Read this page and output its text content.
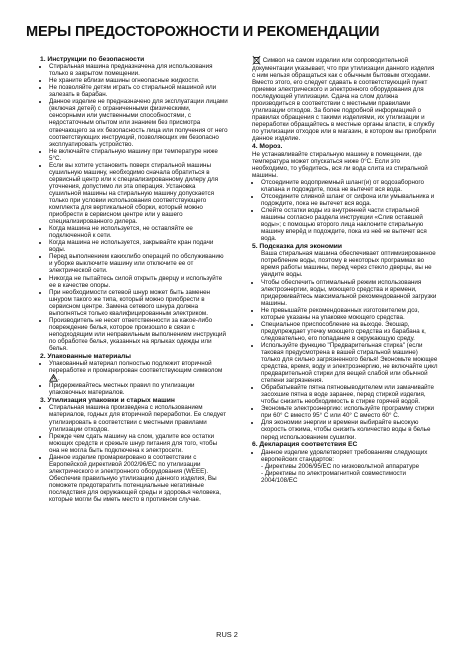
МЕРЫ ПРЕДОСТОРОЖНОСТИ И РЕКОМЕНДАЦИИ
1. Инструкции по безопасности
• Стиральная машина предназначена для использования только в закрытом помещении.
• Не храните вблизи машины огнеопасные жидкости.
• Не позволяйте детям играть со стиральной машиной или залезать в барабан.
• Данное изделие не предназначено для эксплуатации лицами (включая детей) с ограниченными физическими, сенсорными или умственными способностями, с недостаточным опытом или знанием без присмотра отвечающего за их безопасность лица или получения от него соответствующих инструкций, позволяющих им безопасно эксплуатировать устройство.
• Не включайте стиральную машину при температуре ниже 5°C.
• Если вы хотите установить поверх стиральной машины сушильную машину, необходимо сначала обратиться в сервисный центр или к специализированному дилеру для уточнения, допустимо ли эта операция. Установка сушильной машины на стиральную машину допускается только при условии использования соответствующего комплекта для вертикальной сборки, который можно приобрести в сервисном центре или у вашего специализированного дилера.
• Когда машина не используется, не оставляйте ее подключенной к сети.
• Когда машина не используется, закрывайте кран подачи воды.
• Перед выполнением какихлибо операций по обслуживанию и уборке выключите машину или отключите ее от электрической сети.
• Никогда не пытайтесь силой открыть дверцу и используйте ее в качестве опоры.
• При необходимости сетевой шнур может быть заменен шнуром такого же типа, который можно приобрести в сервисном центре. Замена сетевого шнура должна выполняться только квалифицированным электриком.
• Производитель не несет ответственности за какое-либо повреждение белья, которое произошло в связи с неподходящим или неправильным выполнением инструкций по обработке белья, указанных на ярлыках одежды или белья.
2. Упакованные материалы
• Упакованный материал полностью подлежит вторичной переработке и промаркирован соответствующим символом .
• Придерживайтесь местных правил по утилизации упаковочных материалов.
3. Утилизация упаковки и старых машин
• Стиральная машина произведена с использованием материалов, годных для вторичной переработки. Ее следует утилизировать в соответствии с местными правилами утилизации отходов.
• Прежде чем сдать машину на слом, удалите все остатки моющих средств и срежьте шнур питания для того, чтобы она не могла быть подключена к электросети.
• Данное изделие промаркировано в соответствии с Европейской директивой 2002/96/EC по утилизации электрического и электронного оборудования (WEEE).

Обеспечив правильную утилизацию данного изделия, Вы поможете предотвратить потенциальные негативные последствия для окружающей среды и здоровья человека, которые могли бы иметь место в противном случае.

Символ на самом изделии или сопроводительной документации указывает, что при утилизации данного изделия с ним нельзя обращаться как с обычным бытовым отходами. Вместо этого, его следует сдавать в соответствующий пункт приемки электрического и электронного оборудования для последующей утилизации. Сдача на слом должна производиться в соответствии с местными правилами утилизации отходов. За более подробной информацией о правилах обращения с такими изделиями, их утилизации и переработки обращайтесь в местные органы власти, в службу по утилизации отходов или в магазин, в котором вы приобрели данное изделие.

4. Мороз.

Не устанавливайте стиральную машину в помещении, где температура может опускаться ниже 0°C. Если это необходимо, то убедитесь, вся ли вода слита из стиральной машины.

• Отсоедините водоприемный шланг(и) от водозаборного клапана и подождите, пока не вытечет вся вода.
• Отсоедините сливной шланг от сифона или умывальника и подождите, пока не вытечет вся вода.
• Слейте остатки воды из внутренней части стиральной машины согласно раздела инструкции «Слив оставшей воды»; с помощью второго лица наклоните стиральную машину вперёд и подождите, пока из неё не вытечет вся вода.
5. Подсказка для экономии

Ваша стиральная машина обеспечивает оптимизированное потребление воды, поэтому в некоторых программах во время работы машины, перед через стекло дверцы, вы не увидите воды.

• Чтобы обеспечить оптимальный режим использования электроэнергии, воды, моющего средства и времени, придерживайтесь максимальной рекомендованной загрузки машины.
• Не превышайте рекомендованных изготовителем доз, которые указаны на упаковке моющего средства.
• Специальное приспособление на выходе. Экошар, предупреждает утечку моющего средства из барабана к, следовательно, его попадание в окружающую среду.
• Используйте функцию "Предварительная стирка" (если таковая предусмотрена в вашей стиральной машине) только для сильно загрязненного белья! Экономьте моющее средства, время, воду и электроэнергию, не включайте цикл предварительной стирки для вещей слабой или обычной степени загрязнения.
• Обрабатывайте пятна пятновыводителем или замачивайте засохшие пятна в воде заранее, перед стиркой изделия, чтобы снизить необходимость в стирке горячей водой.
• Экономьте электроэнергию: используйте программу стирки при 60° C вместо 95° C или 40° C вместо 60° C.
• Для экономии энергии и времени выбирайте высокую скорость отжима, чтобы снизить количество воды в белье перед использованием сушилки.
6. Декларация соответствия ЕС
• Данное изделие удовлетворяет требованиям следующих европейских стандартов:

- Директивы 2006/95/EC по низковольтной аппаратуре

- Директивы по электромагнитной совместимости 2004/108/EC

RUS 2
